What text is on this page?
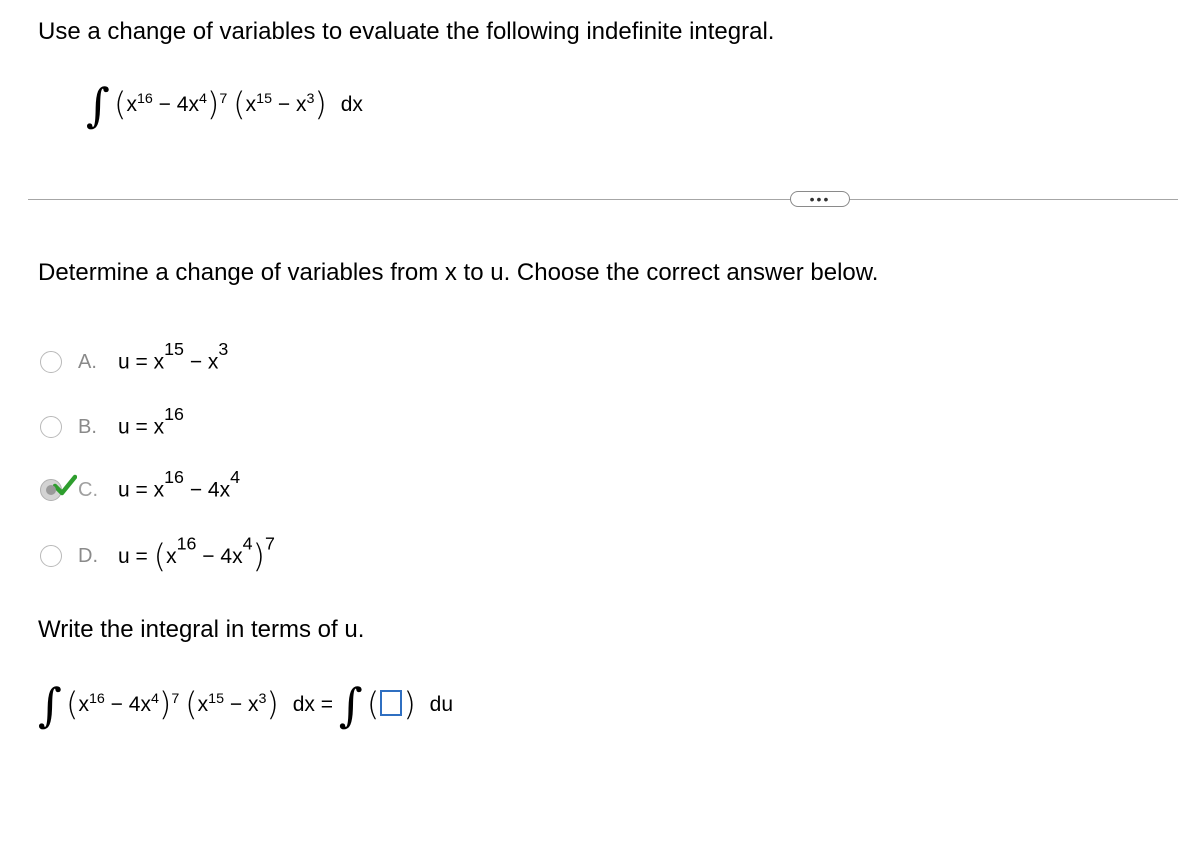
Use a change of variables to evaluate the following indefinite integral.
∫ $(x^{16} - 4x^4)^7$ $(x^{15} - x^3)$ dx
•••
Determine a change of variables from x to u. Choose the correct answer below.
A.	$u = x^{15} - x^3$
B.	$u = x^{16}$
C. $u = x^{16} - 4x^4$
D. $u = (x^{16} - 4x^4)^7$
Write the integral in terms of u.
∫ $(x^{16} - 4x^4)^7$ $(x^{15} - x^3)$ dx = ∫ ( ) du
